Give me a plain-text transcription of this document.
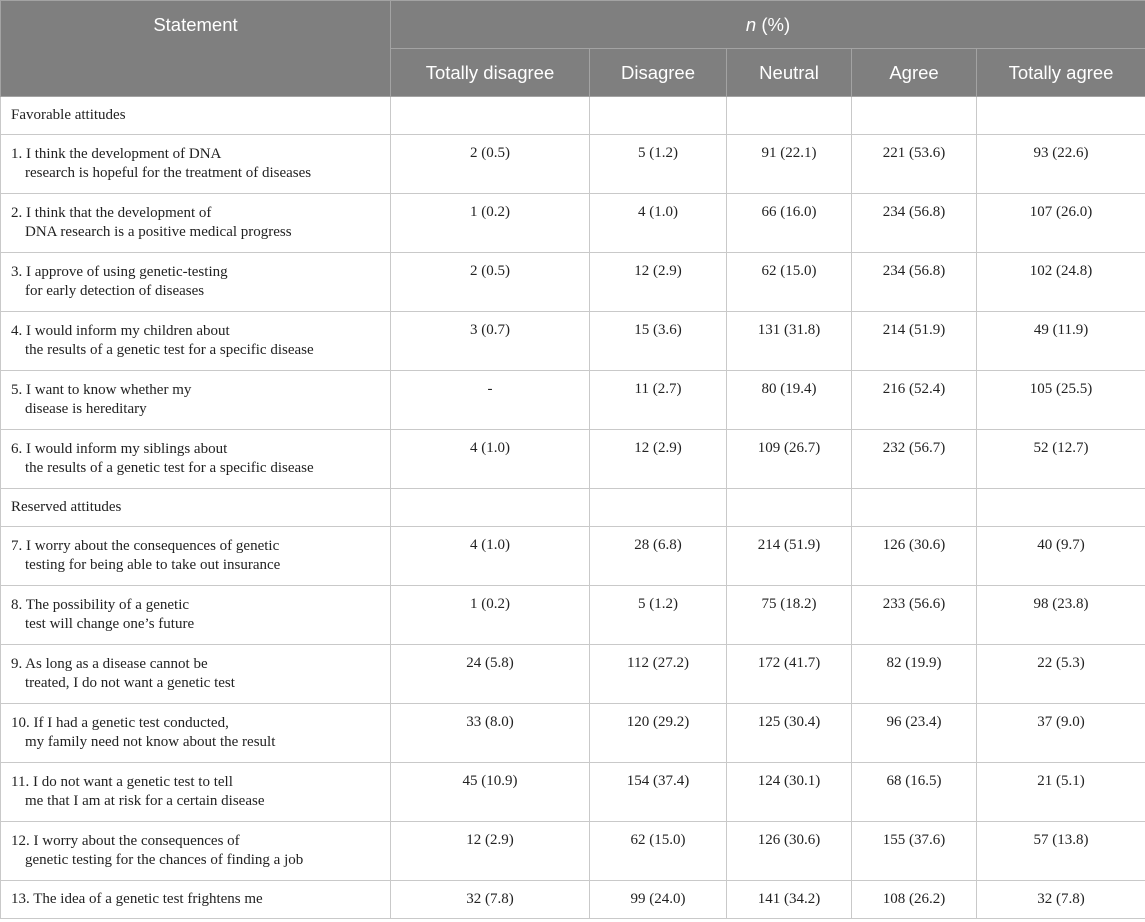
Statement	n (%)				
	Totally disagree	Disagree	Neutral	Agree	Totally agree
Favorable attitudes					

1. I think the development of DNA
research is hopeful for the treatment of diseases	2 (0.5)	5 (1.2)	91 (22.1)	221 (53.6)	93 (22.6)

2. I think that the development of
DNA research is a positive medical progress	1 (0.2)	4 (1.0)	66 (16.0)	234 (56.8)	107 (26.0)

3. I approve of using genetic-testing
for early detection of diseases	2 (0.5)	12 (2.9)	62 (15.0)	234 (56.8)	102 (24.8)

4. I would inform my children about
the results of a genetic test for a specific disease	3 (0.7)	15 (3.6)	131 (31.8)	214 (51.9)	49 (11.9)

5. I want to know whether my
disease is hereditary	-	11 (2.7)	80 (19.4)	216 (52.4)	105 (25.5)

6. I would inform my siblings about
the results of a genetic test for a specific disease	4 (1.0)	12 (2.9)	109 (26.7)	232 (56.7)	52 (12.7)
Reserved attitudes					

7. I worry about the consequences of genetic
testing for being able to take out insurance	4 (1.0)	28 (6.8)	214 (51.9)	126 (30.6)	40 (9.7)

8. The possibility of a genetic
test will change one’s future	1 (0.2)	5 (1.2)	75 (18.2)	233 (56.6)	98 (23.8)

9. As long as a disease cannot be
treated, I do not want a genetic test	24 (5.8)	112 (27.2)	172 (41.7)	82 (19.9)	22 (5.3)

10. If I had a genetic test conducted,
my family need not know about the result	33 (8.0)	120 (29.2)	125 (30.4)	96 (23.4)	37 (9.0)

11. I do not want a genetic test to tell
me that I am at risk for a certain disease	45 (10.9)	154 (37.4)	124 (30.1)	68 (16.5)	21 (5.1)

12. I worry about the consequences of
genetic testing for the chances of finding a job	12 (2.9)	62 (15.0)	126 (30.6)	155 (37.6)	57 (13.8)

13. The idea of a genetic test frightens me	32 (7.8)	99 (24.0)	141 (34.2)	108 (26.2)	32 (7.8)
